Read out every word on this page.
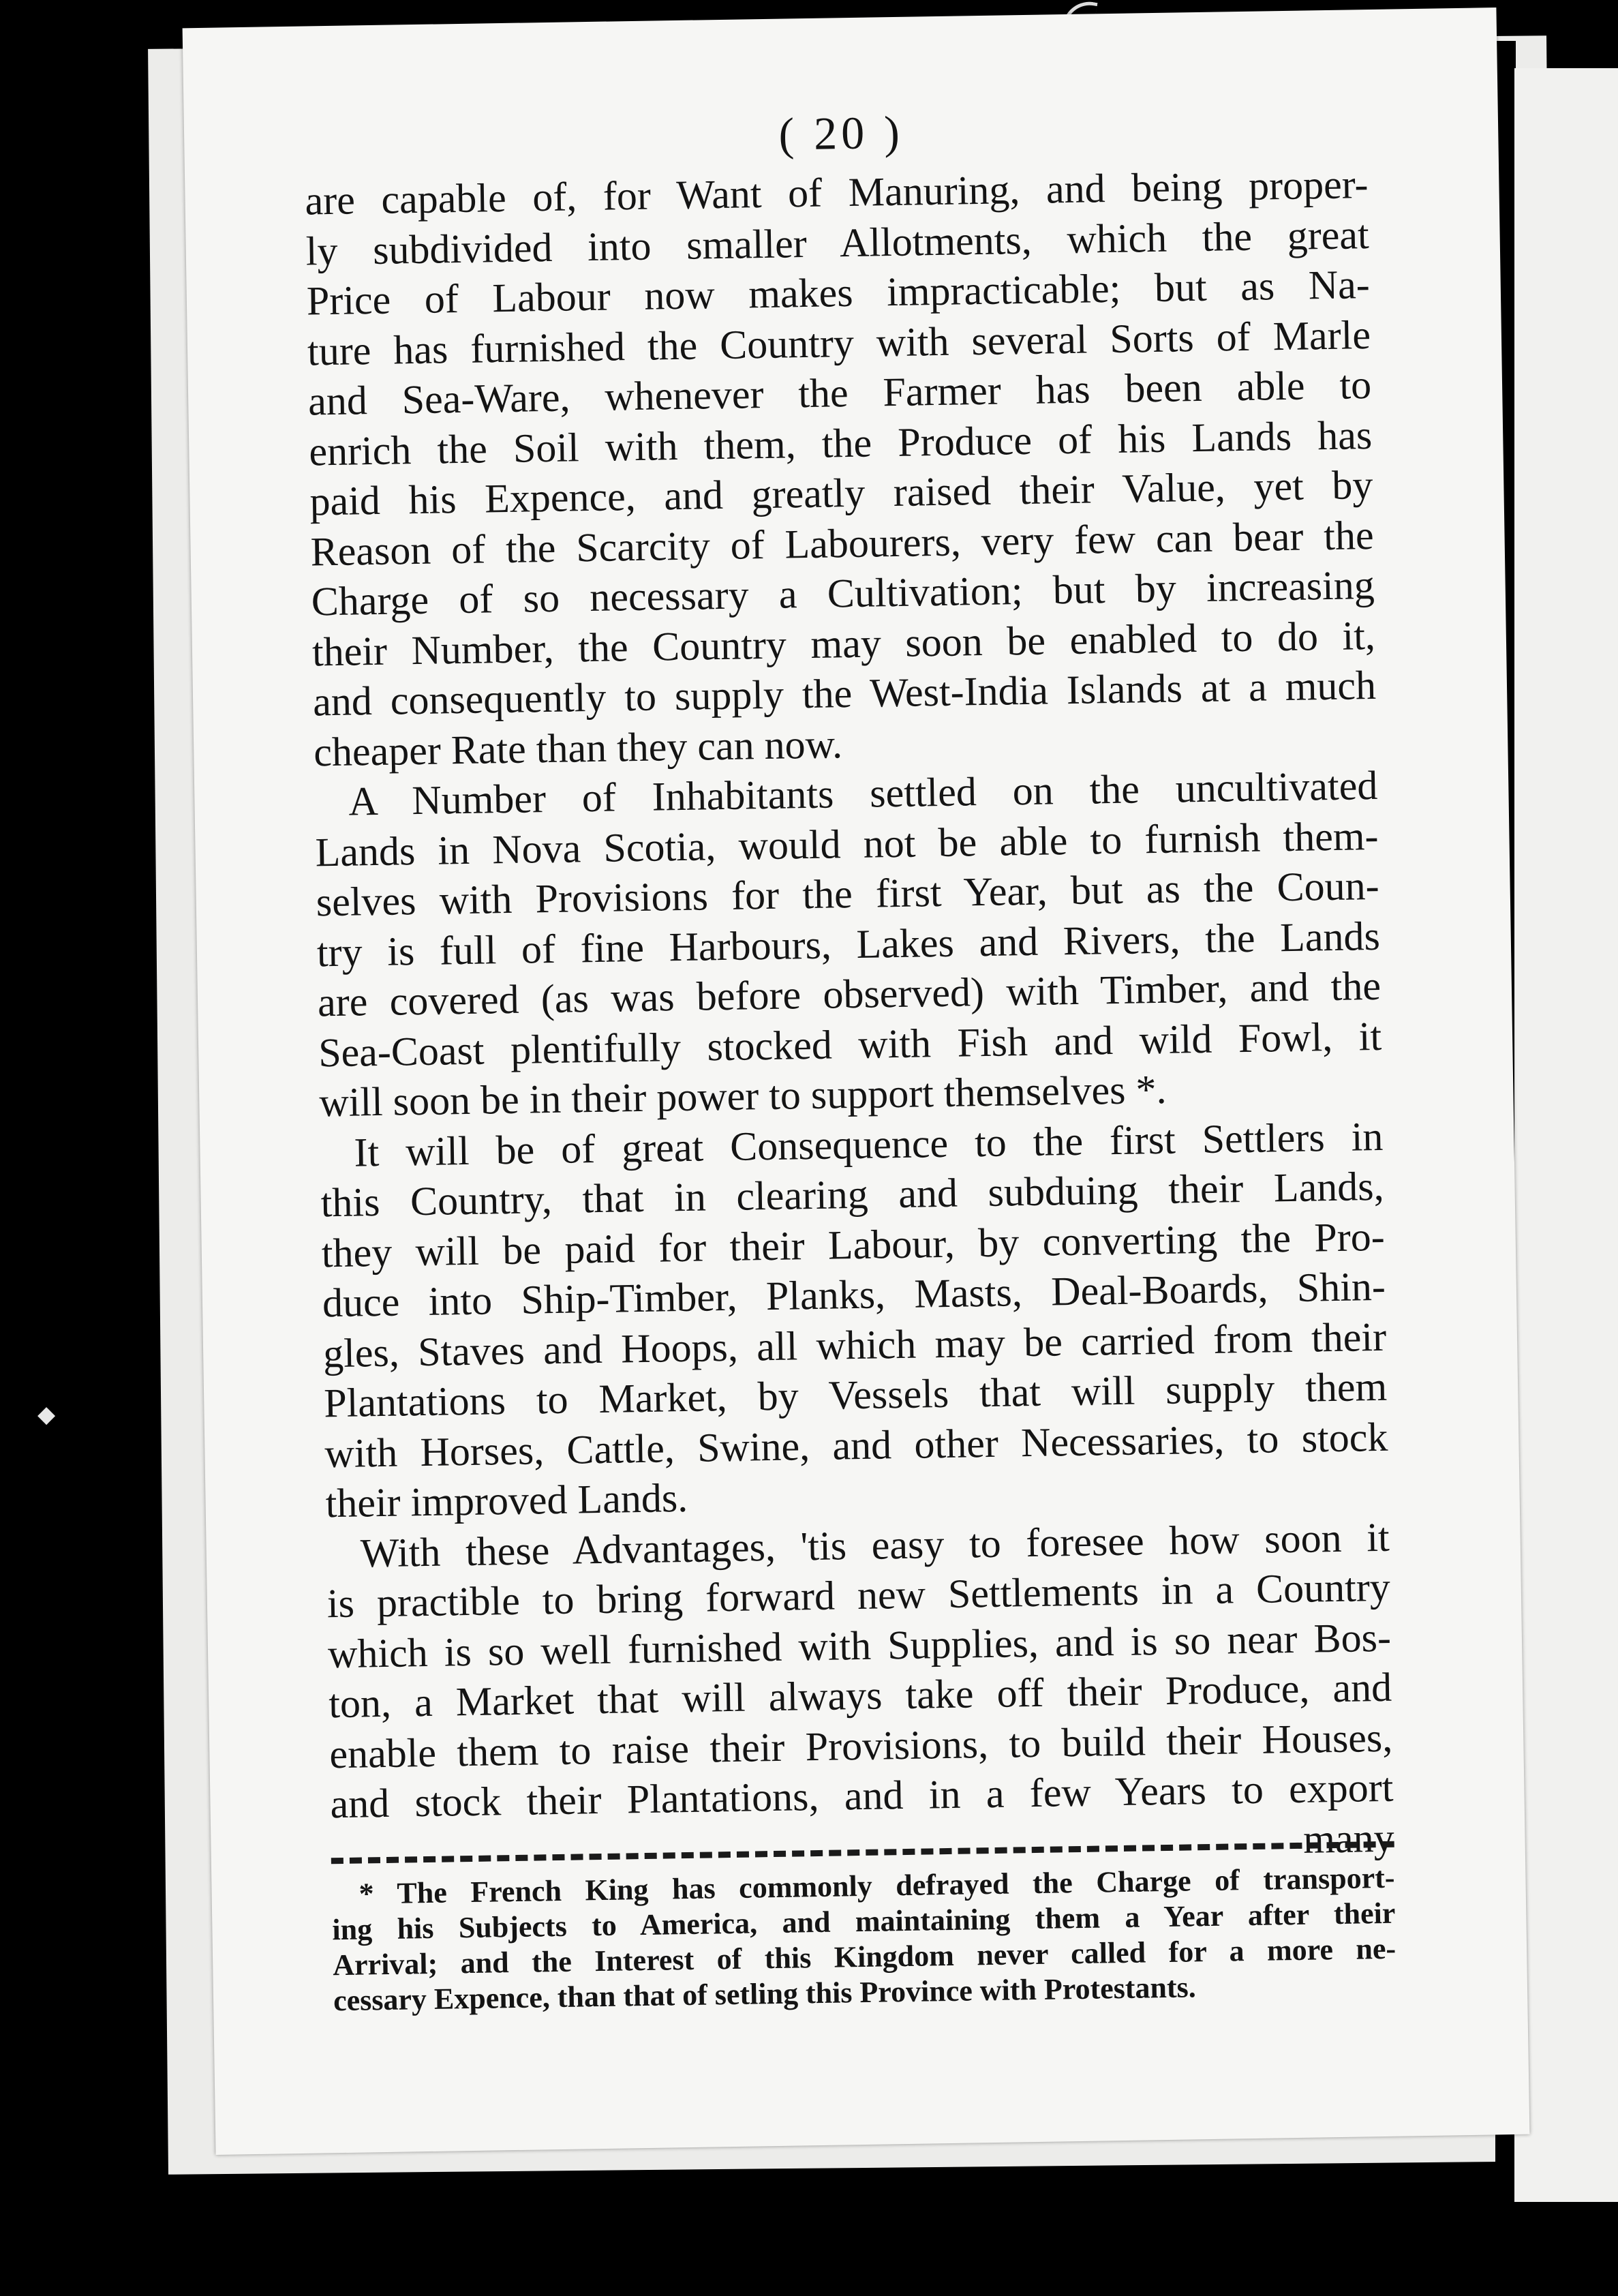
◆
( 20 )
are capable of, for Want of Manuring, and being proper-
ly subdivided into smaller Allotments, which the great
Price of Labour now makes impracticable; but as Na-
ture has furnished the Country with several Sorts of Marle
and Sea-Ware, whenever the Farmer has been able to
enrich the Soil with them, the Produce of his Lands has
paid his Expence, and greatly raised their Value, yet by
Reason of the Scarcity of Labourers, very few can bear the
Charge of so necessary a Cultivation; but by increasing
their Number, the Country may soon be enabled to do it,
and consequently to supply the West-India Islands at a much
cheaper Rate than they can now.
A Number of Inhabitants settled on the uncultivated
Lands in Nova Scotia, would not be able to furnish them-
selves with Provisions for the first Year, but as the Coun-
try is full of fine Harbours, Lakes and Rivers, the Lands
are covered (as was before observed) with Timber, and the
Sea-Coast plentifully stocked with Fish and wild Fowl, it
will soon be in their power to support themselves *.
It will be of great Consequence to the first Settlers in
this Country, that in clearing and subduing their Lands,
they will be paid for their Labour, by converting the Pro-
duce into Ship-Timber, Planks, Masts, Deal-Boards, Shin-
gles, Staves and Hoops, all which may be carried from their
Plantations to Market, by Vessels that will supply them
with Horses, Cattle, Swine, and other Necessaries, to stock
their improved Lands.
With these Advantages, 'tis easy to foresee how soon it
is practible to bring forward new Settlements in a Country
which is so well furnished with Supplies, and is so near Bos-
ton, a Market that will always take off their Produce, and
enable them to raise their Provisions, to build their Houses,
and stock their Plantations, and in a few Years to export
many
* The French King has commonly defrayed the Charge of transport-
ing his Subjects to America, and maintaining them a Year after their
Arrival; and the Interest of this Kingdom never called for a more ne-
cessary Expence, than that of setling this Province with Protestants.
